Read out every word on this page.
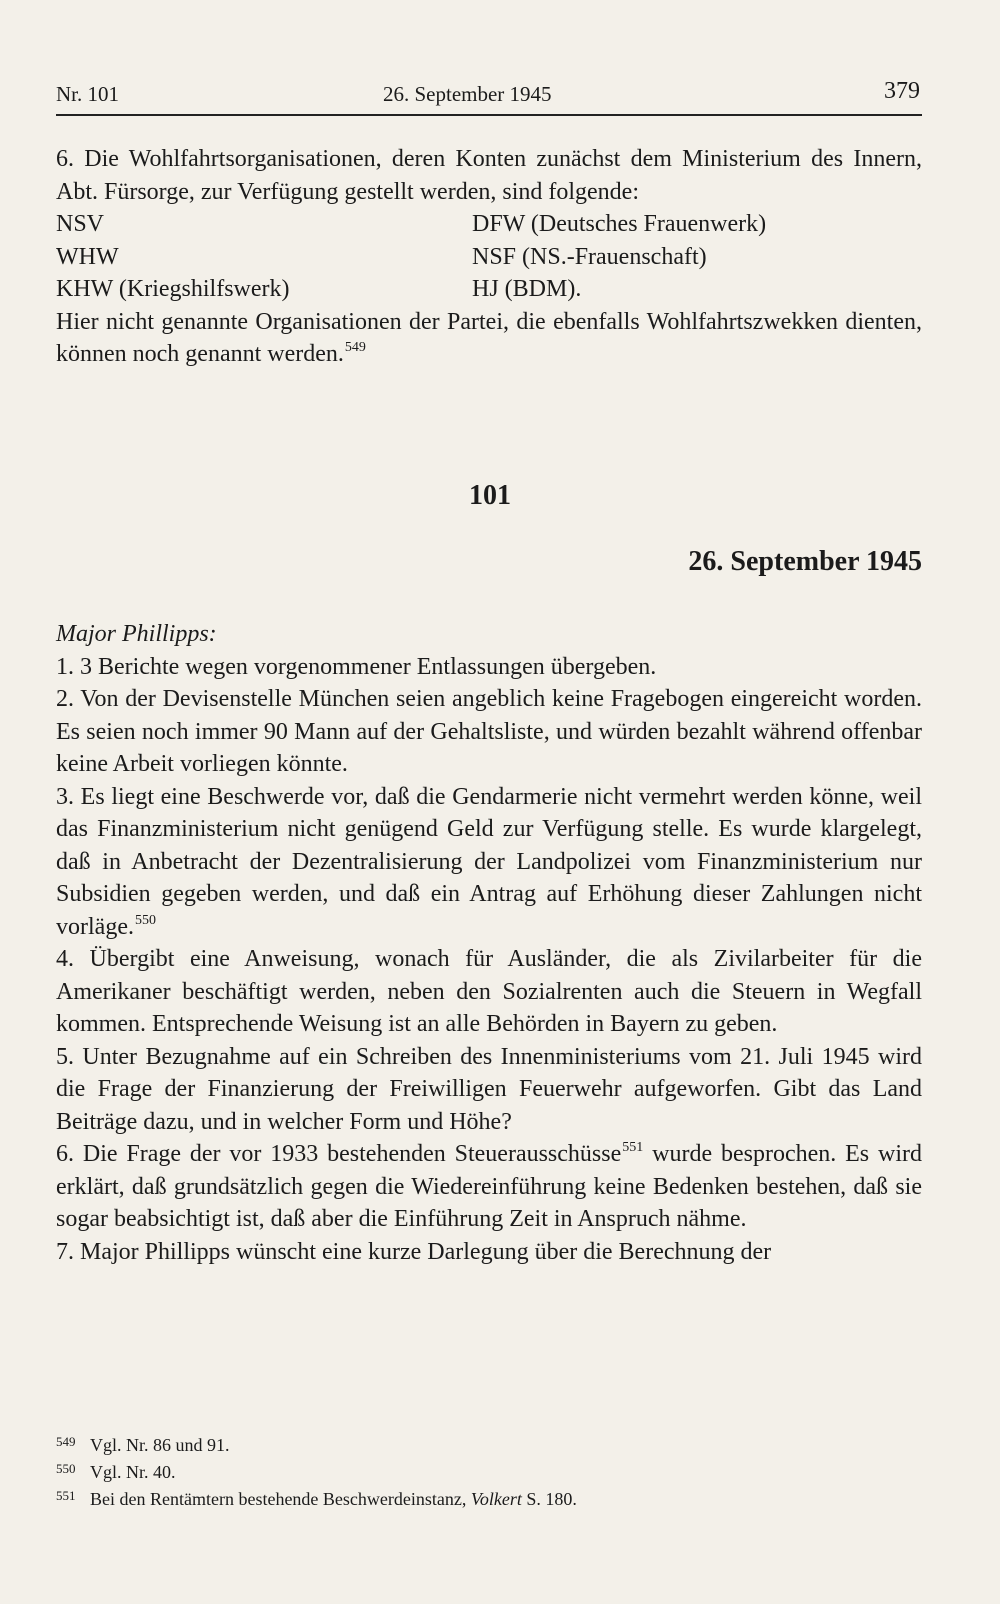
Nr. 101	26. September 1945	379

6. Die Wohlfahrtsorganisationen, deren Konten zunächst dem Ministerium des Innern, Abt. Fürsorge, zur Verfügung gestellt werden, sind folgende:

NSV	DFW (Deutsches Frauenwerk)
WHW	NSF (NS.-Frauenschaft)
KHW (Kriegshilfswerk)	HJ (BDM).

Hier nicht genannte Organisationen der Partei, die ebenfalls Wohlfahrtszwekken dienten, können noch genannt werden.$^{549}$

101
26. September 1945

Major Phillipps:

1. 3 Berichte wegen vorgenommener Entlassungen übergeben.

2. Von der Devisenstelle München seien angeblich keine Fragebogen eingereicht worden. Es seien noch immer 90 Mann auf der Gehaltsliste, und würden bezahlt während offenbar keine Arbeit vorliegen könnte.

3. Es liegt eine Beschwerde vor, daß die Gendarmerie nicht vermehrt werden könne, weil das Finanzministerium nicht genügend Geld zur Verfügung stelle. Es wurde klargelegt, daß in Anbetracht der Dezentralisierung der Landpolizei vom Finanzministerium nur Subsidien gegeben werden, und daß ein Antrag auf Erhöhung dieser Zahlungen nicht vorläge.$^{550}$

4. Übergibt eine Anweisung, wonach für Ausländer, die als Zivilarbeiter für die Amerikaner beschäftigt werden, neben den Sozialrenten auch die Steuern in Wegfall kommen. Entsprechende Weisung ist an alle Behörden in Bayern zu geben.

5. Unter Bezugnahme auf ein Schreiben des Innenministeriums vom 21. Juli 1945 wird die Frage der Finanzierung der Freiwilligen Feuerwehr aufgeworfen. Gibt das Land Beiträge dazu, und in welcher Form und Höhe?

6. Die Frage der vor 1933 bestehenden Steuerausschüsse$^{551}$ wurde besprochen. Es wird erklärt, daß grundsätzlich gegen die Wiedereinführung keine Bedenken bestehen, daß sie sogar beabsichtigt ist, daß aber die Einführung Zeit in Anspruch nähme.

7. Major Phillipps wünscht eine kurze Darlegung über die Berechnung der

549 Vgl. Nr. 86 und 91.
550 Vgl. Nr. 40.
551 Bei den Rentämtern bestehende Beschwerdeinstanz, Volkert S. 180.
